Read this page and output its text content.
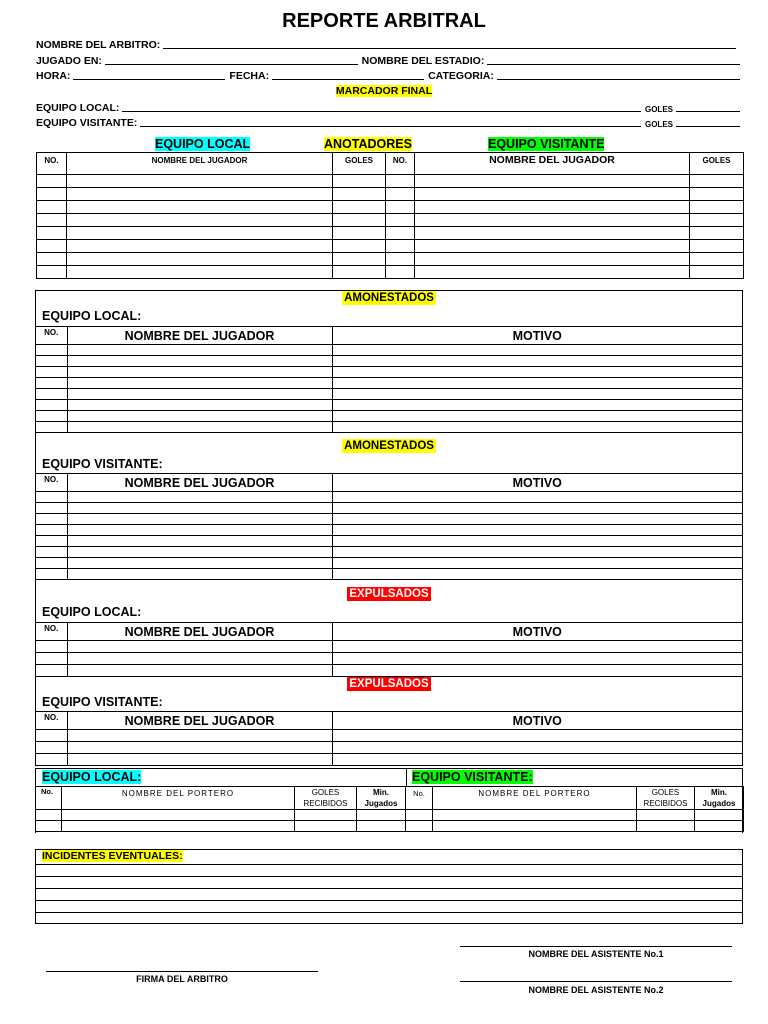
REPORTE ARBITRAL
NOMBRE DEL ARBITRO:
JUGADO EN:	NOMBRE DEL ESTADIO:
HORA:	FECHA:	CATEGORIA:
MARCADOR FINAL
EQUIPO LOCAL:	GOLES
EQUIPO VISITANTE:	GOLES
EQUIPO LOCAL	ANOTADORES	EQUIPO VISITANTE
NO.	NOMBRE DEL JUGADOR	GOLES	NO.	NOMBRE DEL JUGADOR	GOLES

AMONESTADOS
EQUIPO LOCAL:
NO.	NOMBRE DEL JUGADOR	MOTIVO

AMONESTADOS
EQUIPO VISITANTE:
NO.	NOMBRE DEL JUGADOR	MOTIVO

EXPULSADOS
EQUIPO LOCAL:
NO.	NOMBRE DEL JUGADOR	MOTIVO

EXPULSADOS
EQUIPO VISITANTE:
NO.	NOMBRE DEL JUGADOR	MOTIVO

EQUIPO LOCAL:	EQUIPO VISITANTE:
No.	NOMBRE DEL PORTERO	GOLES RECIBIDOS	Min. Jugados	No.	NOMBRE DEL PORTERO	GOLES RECIBIDOS	Min. Jugados

INCIDENTES EVENTUALES:
NOMBRE DEL ASISTENTE No.1
FIRMA DEL ARBITRO
NOMBRE DEL ASISTENTE No.2
